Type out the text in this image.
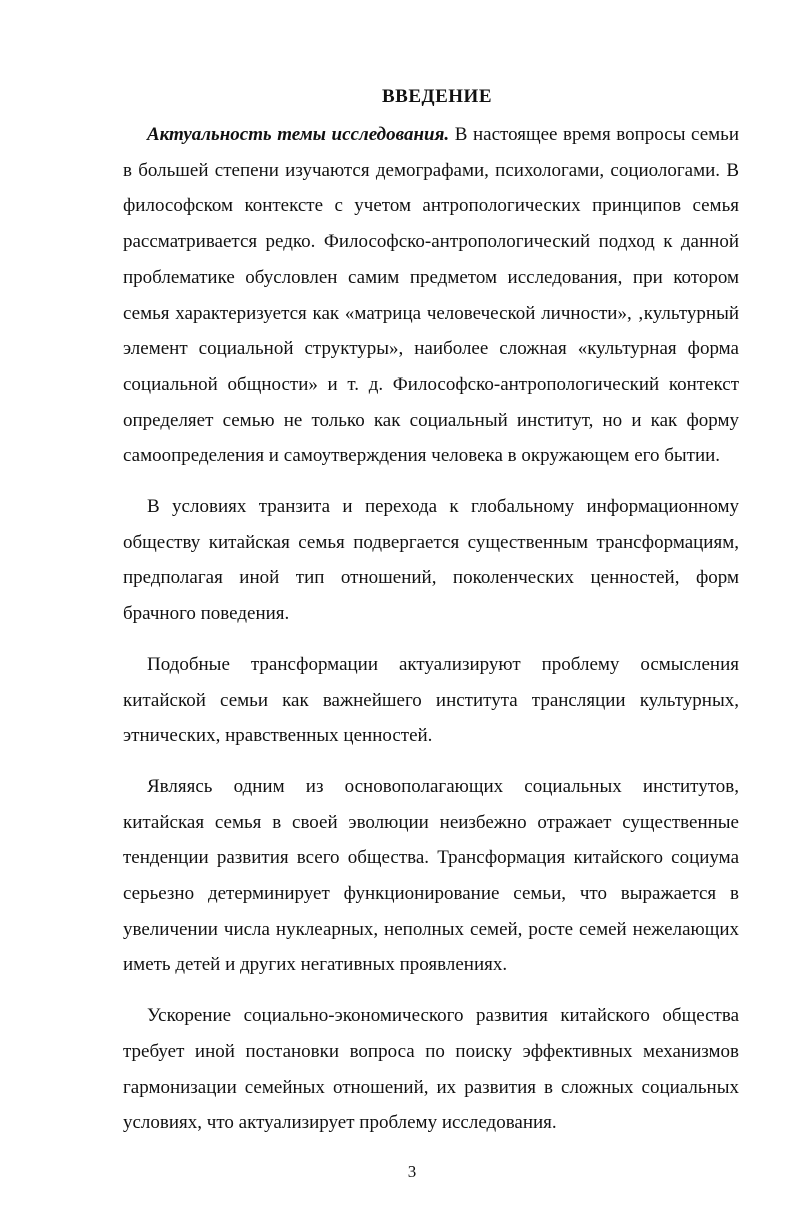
ВВЕДЕНИЕ

Актуальность темы исследования. В настоящее время вопросы семьи в большей степени изучаются демографами, психологами, социологами. В философском контексте с учетом антропологических принципов семья рассматривается редко. Философско-антропологический подход к данной проблематике обусловлен самим предметом исследования, при котором семья характеризуется как «матрица человеческой личности», ‚культурный элемент социальной структуры», наиболее сложная «культурная форма социальной общности» и т. д. Философско-антропологический контекст определяет семью не только как социальный институт, но и как форму самоопределения и самоутверждения человека в окружающем его бытии.

В условиях транзита и перехода к глобальному информационному обществу китайская семья подвергается существенным трансформациям, предполагая иной тип отношений, поколенческих ценностей, форм брачного поведения.

Подобные трансформации актуализируют проблему осмысления китайской семьи как важнейшего института трансляции культурных, этнических, нравственных ценностей.

Являясь одним из основополагающих социальных институтов, китайская семья в своей эволюции неизбежно отражает существенные тенденции развития всего общества. Трансформация китайского социума серьезно детерминирует функционирование семьи, что выражается в увеличении числа нуклеарных, неполных семей, росте семей нежелающих иметь детей и других негативных проявлениях.

Ускорение социально-экономического развития китайского общества требует иной постановки вопроса по поиску эффективных механизмов гармонизации семейных отношений, их развития в сложных социальных условиях, что актуализирует проблему исследования.

3
